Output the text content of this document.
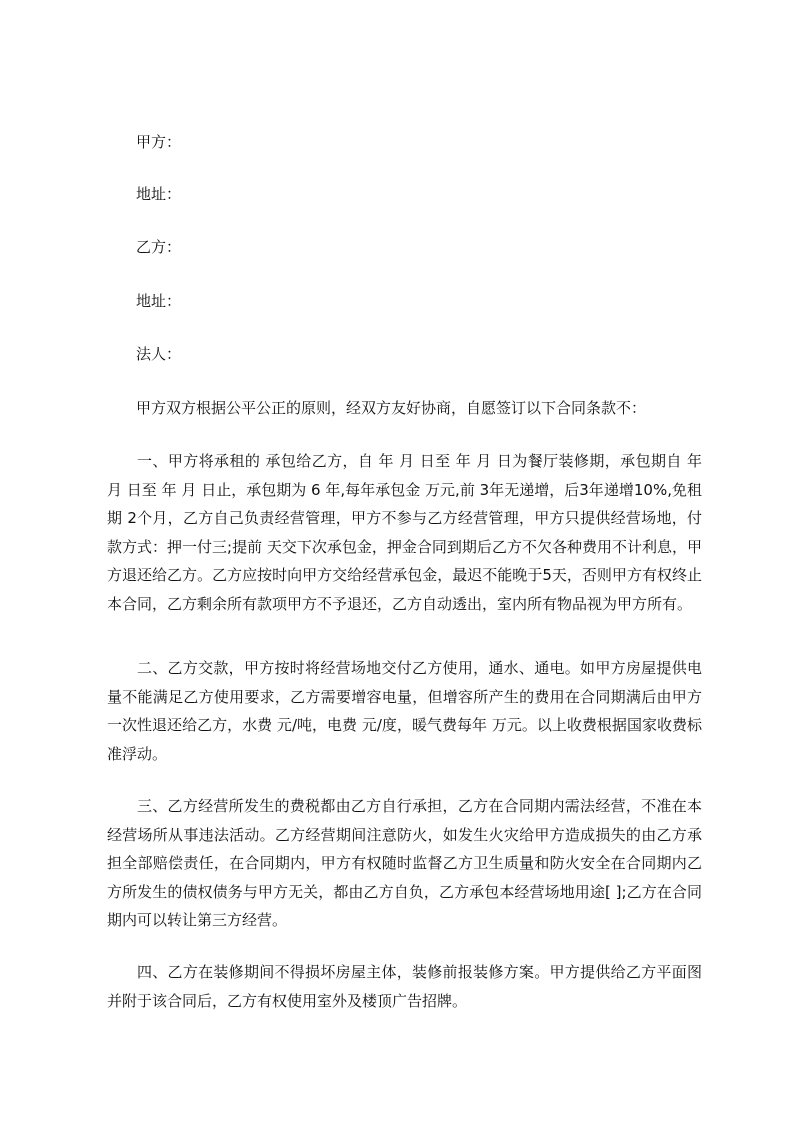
甲方：
地址：
乙方：
地址：
法人：
甲方双方根据公平公正的原则，经双方友好协商，自愿签订以下合同条款不：

一、甲方将承租的 承包给乙方，自 年 月 日至 年 月 日为餐厅装修期，承包期自 年 月 日至 年 月 日止，承包期为 6 年,每年承包金 万元,前 3年无递增，后3年递增10%,免租期 2个月，乙方自己负责经营管理，甲方不参与乙方经营管理，甲方只提供经营场地，付款方式：押一付三;提前 天交下次承包金，押金合同到期后乙方不欠各种费用不计利息，甲方退还给乙方。乙方应按时向甲方交给经营承包金，最迟不能晚于5天，否则甲方有权终止本合同，乙方剩余所有款项甲方不予退还，乙方自动透出，室内所有物品视为甲方所有。

二、乙方交款，甲方按时将经营场地交付乙方使用，通水、通电。如甲方房屋提供电量不能满足乙方使用要求，乙方需要增容电量，但增容所产生的费用在合同期满后由甲方一次性退还给乙方，水费 元/吨，电费 元/度，暖气费每年 万元。以上收费根据国家收费标准浮动。

三、乙方经营所发生的费税都由乙方自行承担，乙方在合同期内需法经营，不准在本经营场所从事违法活动。乙方经营期间注意防火，如发生火灾给甲方造成损失的由乙方承担全部赔偿责任，在合同期内，甲方有权随时监督乙方卫生质量和防火安全在合同期内乙方所发生的债权债务与甲方无关，都由乙方自负，乙方承包本经营场地用途[ ];乙方在合同期内可以转让第三方经营。

四、乙方在装修期间不得损坏房屋主体，装修前报装修方案。甲方提供给乙方平面图并附于该合同后，乙方有权使用室外及楼顶广告招牌。
